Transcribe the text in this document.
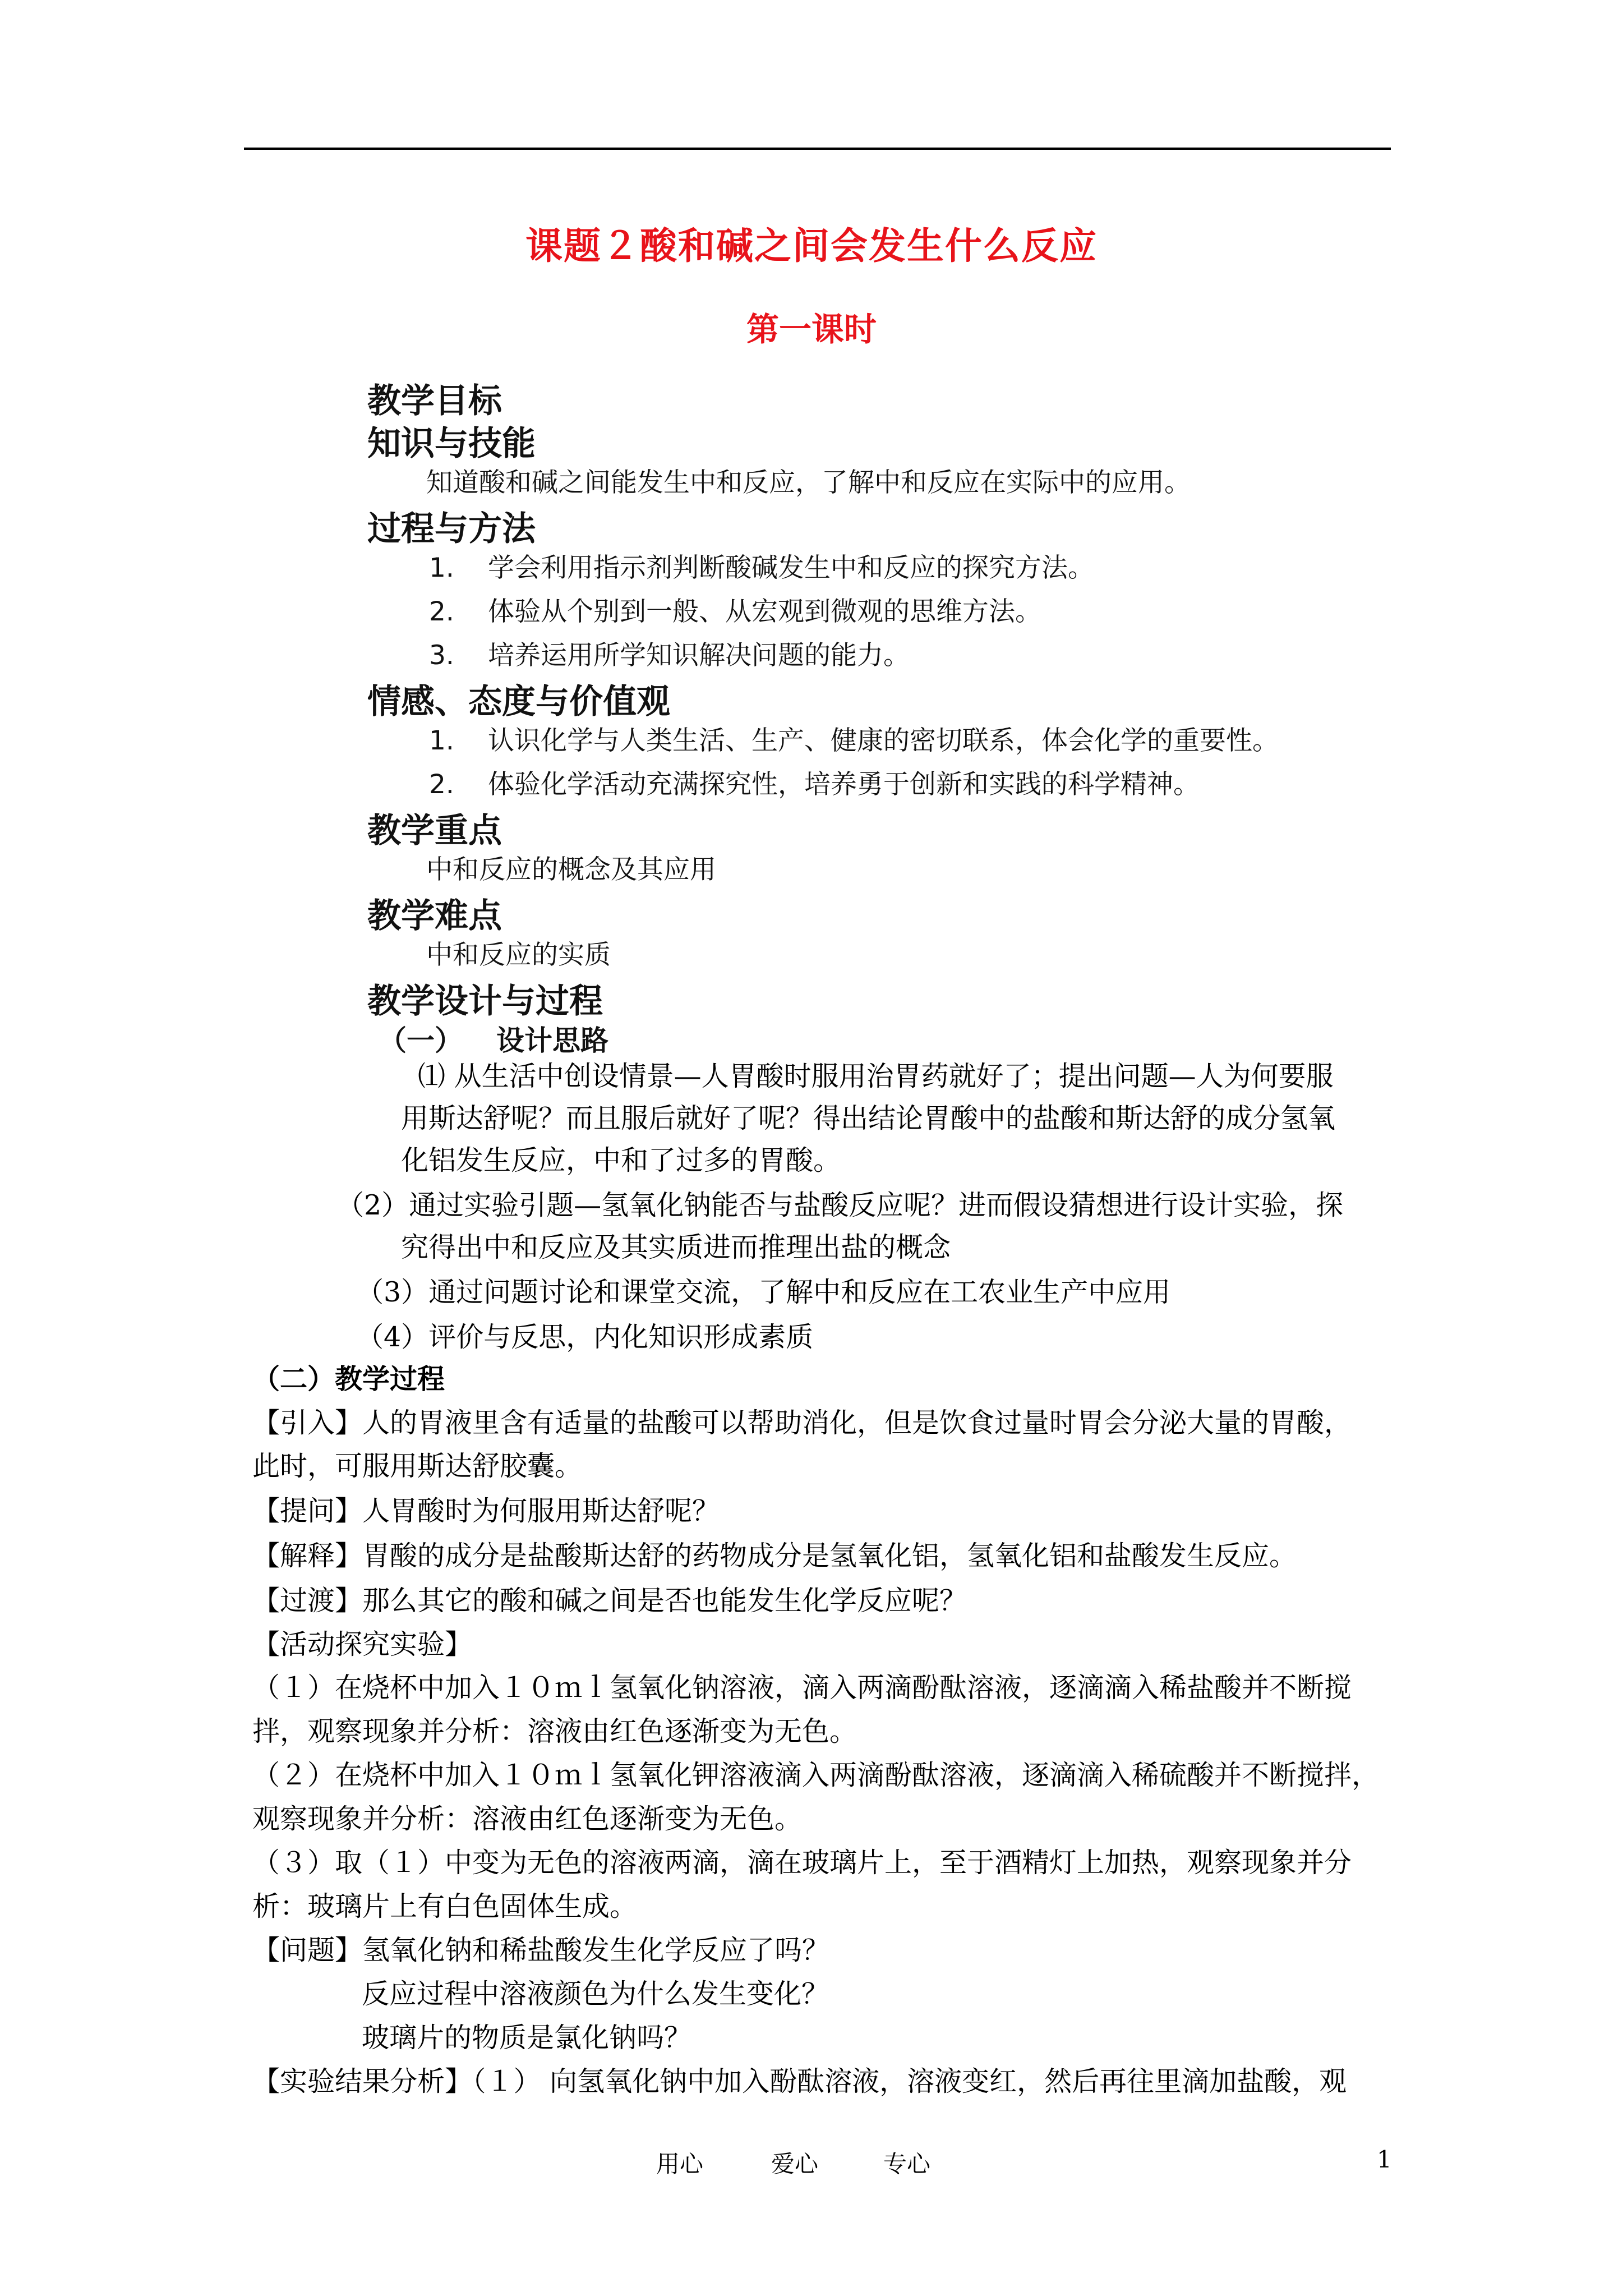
课题２酸和碱之间会发生什么反应
第一课时
教学目标
知识与技能
知道酸和碱之间能发生中和反应，了解中和反应在实际中的应用。
过程与方法
1. 学会利用指示剂判断酸碱发生中和反应的探究方法。
2. 体验从个别到一般、从宏观到微观的思维方法。
3. 培养运用所学知识解决问题的能力。
情感、态度与价值观
1. 认识化学与人类生活、生产、健康的密切联系，体会化学的重要性。
2. 体验化学活动充满探究性，培养勇于创新和实践的科学精神。
教学重点
中和反应的概念及其应用
教学难点
中和反应的实质
教学设计与过程
（一） 设计思路
⑴ 从生活中创设情景—人胃酸时服用治胃药就好了；提出问题—人为何要服
用斯达舒呢？而且服后就好了呢？得出结论胃酸中的盐酸和斯达舒的成分氢氧
化铝发生反应，中和了过多的胃酸。
（2）通过实验引题—氢氧化钠能否与盐酸反应呢？进而假设猜想进行设计实验，探
究得出中和反应及其实质进而推理出盐的概念
（3）通过问题讨论和课堂交流，了解中和反应在工农业生产中应用
（4）评价与反思，内化知识形成素质
（二）教学过程
【引入】人的胃液里含有适量的盐酸可以帮助消化，但是饮食过量时胃会分泌大量的胃酸，
此时，可服用斯达舒胶囊。
【提问】人胃酸时为何服用斯达舒呢？
【解释】胃酸的成分是盐酸斯达舒的药物成分是氢氧化铝，氢氧化铝和盐酸发生反应。
【过渡】那么其它的酸和碱之间是否也能发生化学反应呢？
【活动探究实验】
（１）在烧杯中加入１０ｍｌ氢氧化钠溶液，滴入两滴酚酞溶液，逐滴滴入稀盐酸并不断搅
拌，观察现象并分析：溶液由红色逐渐变为无色。
（２）在烧杯中加入１０ｍｌ氢氧化钾溶液滴入两滴酚酞溶液，逐滴滴入稀硫酸并不断搅拌，
观察现象并分析：溶液由红色逐渐变为无色。
（３）取（１）中变为无色的溶液两滴，滴在玻璃片上，至于酒精灯上加热，观察现象并分
析：玻璃片上有白色固体生成。
【问题】氢氧化钠和稀盐酸发生化学反应了吗？
反应过程中溶液颜色为什么发生变化？
玻璃片的物质是氯化钠吗？
【实验结果分析】（１） 向氢氧化钠中加入酚酞溶液，溶液变红，然后再往里滴加盐酸，观
用心	爱心	专心	1
